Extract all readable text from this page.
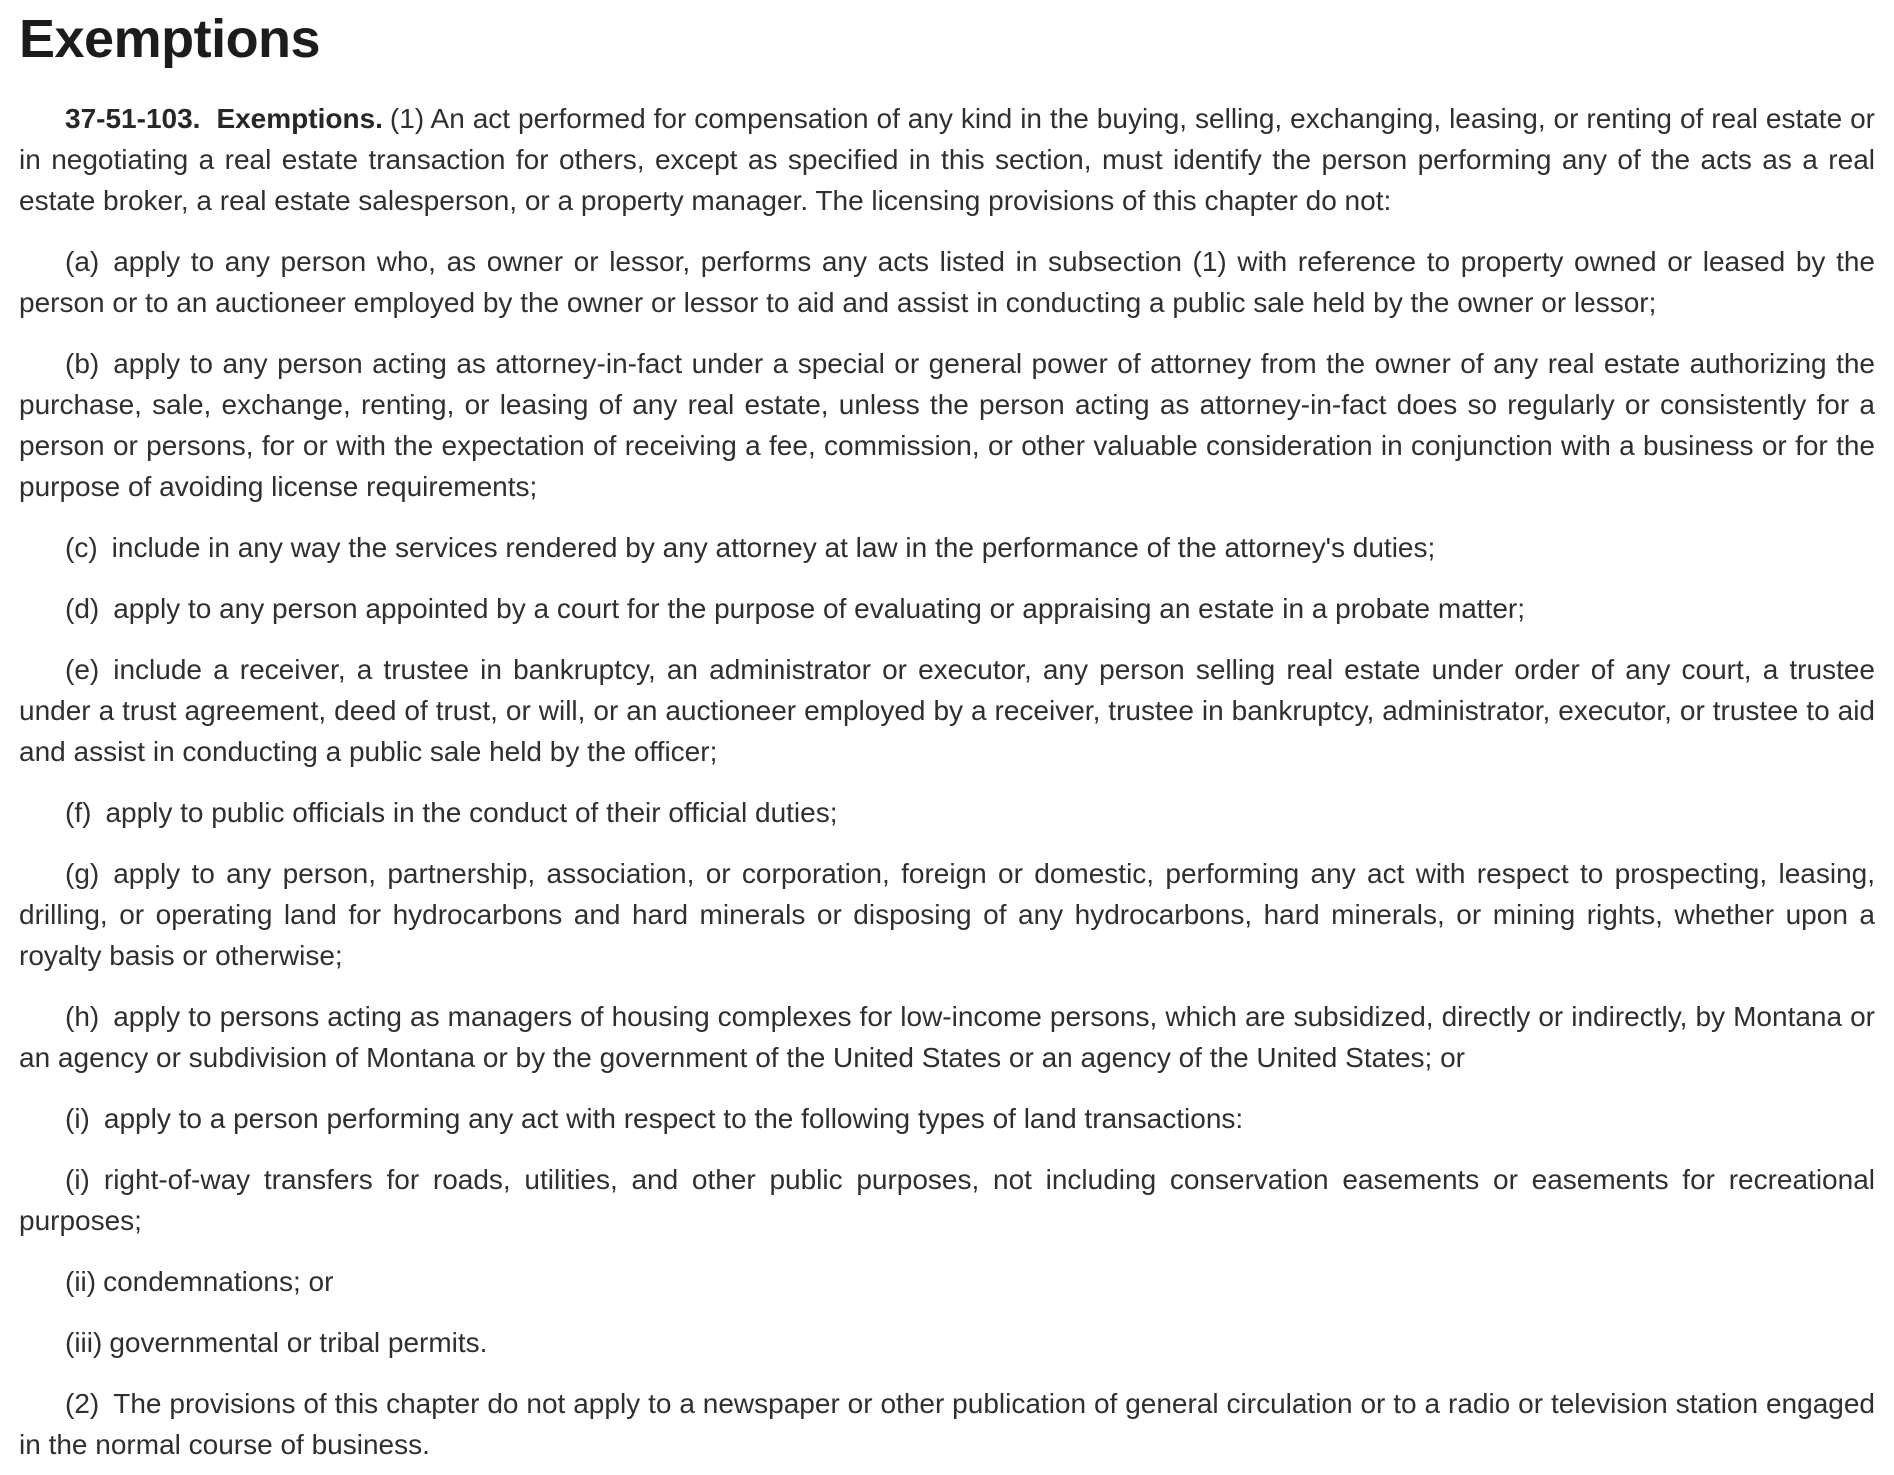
Exemptions

37-51-103. Exemptions. (1) An act performed for compensation of any kind in the buying, selling, exchanging, leasing, or renting of real estate or in negotiating a real estate transaction for others, except as specified in this section, must identify the person performing any of the acts as a real estate broker, a real estate salesperson, or a property manager. The licensing provisions of this chapter do not:

(a) apply to any person who, as owner or lessor, performs any acts listed in subsection (1) with reference to property owned or leased by the person or to an auctioneer employed by the owner or lessor to aid and assist in conducting a public sale held by the owner or lessor;

(b) apply to any person acting as attorney-in-fact under a special or general power of attorney from the owner of any real estate authorizing the purchase, sale, exchange, renting, or leasing of any real estate, unless the person acting as attorney-in-fact does so regularly or consistently for a person or persons, for or with the expectation of receiving a fee, commission, or other valuable consideration in conjunction with a business or for the purpose of avoiding license requirements;

(c) include in any way the services rendered by any attorney at law in the performance of the attorney's duties;

(d) apply to any person appointed by a court for the purpose of evaluating or appraising an estate in a probate matter;

(e) include a receiver, a trustee in bankruptcy, an administrator or executor, any person selling real estate under order of any court, a trustee under a trust agreement, deed of trust, or will, or an auctioneer employed by a receiver, trustee in bankruptcy, administrator, executor, or trustee to aid and assist in conducting a public sale held by the officer;

(f) apply to public officials in the conduct of their official duties;

(g) apply to any person, partnership, association, or corporation, foreign or domestic, performing any act with respect to prospecting, leasing, drilling, or operating land for hydrocarbons and hard minerals or disposing of any hydrocarbons, hard minerals, or mining rights, whether upon a royalty basis or otherwise;

(h) apply to persons acting as managers of housing complexes for low-income persons, which are subsidized, directly or indirectly, by Montana or an agency or subdivision of Montana or by the government of the United States or an agency of the United States; or

(i) apply to a person performing any act with respect to the following types of land transactions:

(i) right-of-way transfers for roads, utilities, and other public purposes, not including conservation easements or easements for recreational purposes;

(ii) condemnations; or

(iii) governmental or tribal permits.

(2) The provisions of this chapter do not apply to a newspaper or other publication of general circulation or to a radio or television station engaged in the normal course of business.
